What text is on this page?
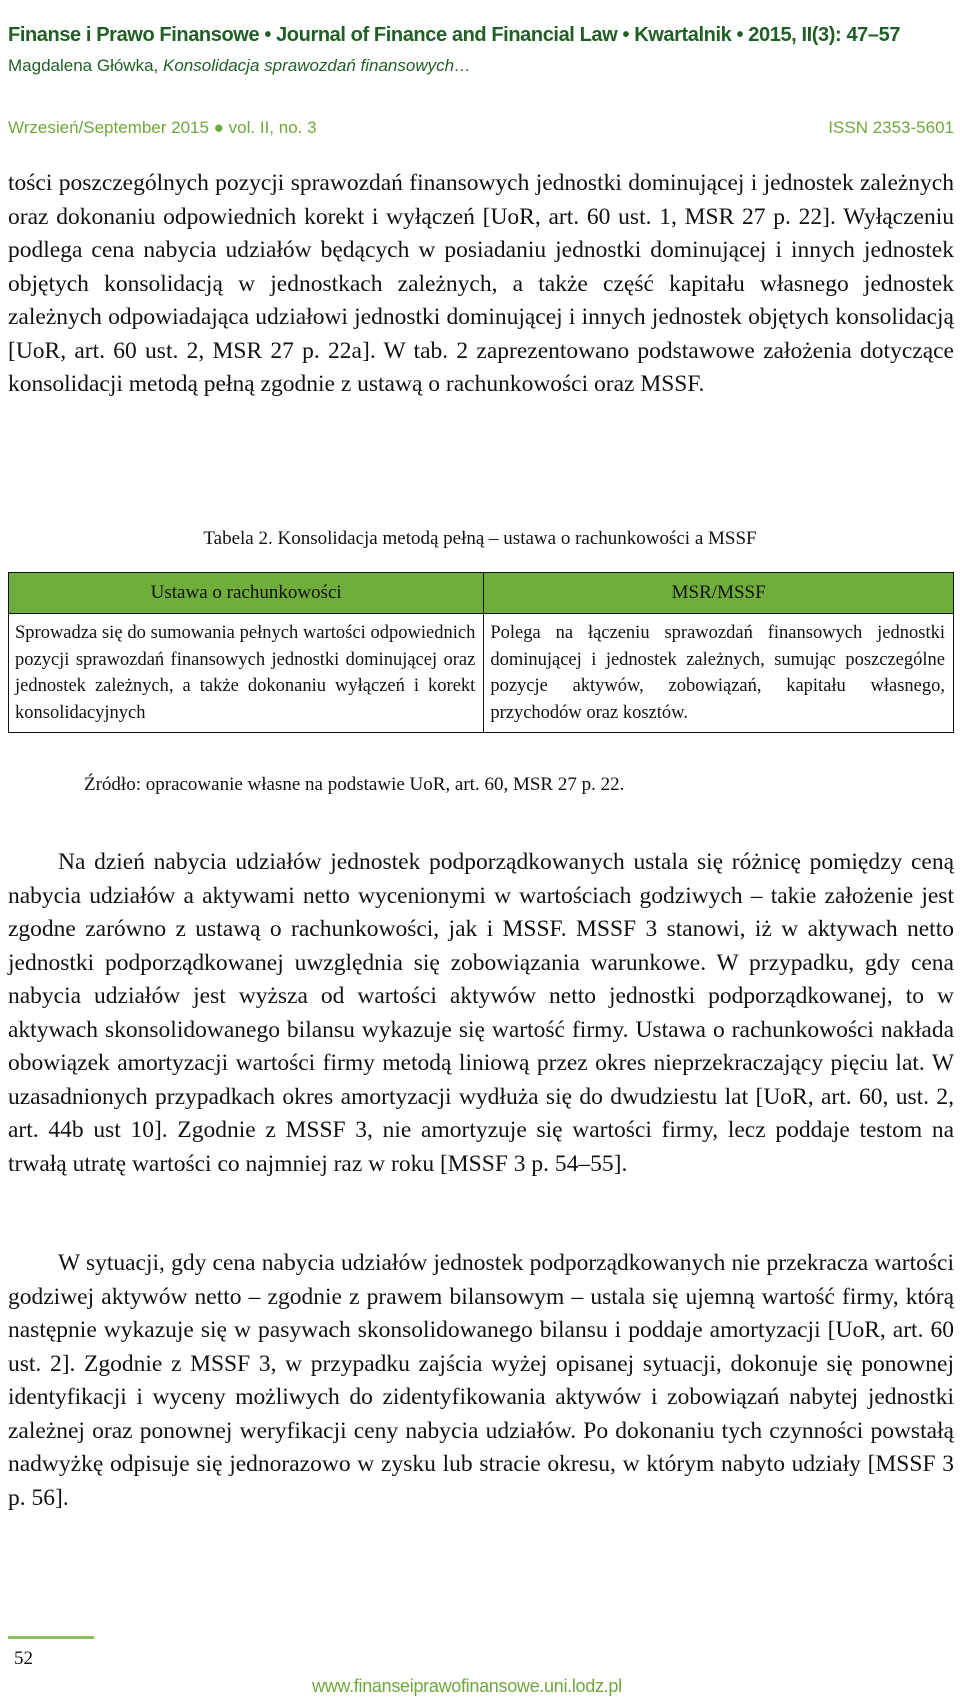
Finanse i Prawo Finansowe • Journal of Finance and Financial Law • Kwartalnik • 2015, II(3): 47–57
Magdalena Główka, Konsolidacja sprawozdań finansowych…
Wrzesień/September 2015 ● vol. II, no. 3	ISSN 2353-5601

tości poszczególnych pozycji sprawozdań finansowych jednostki dominującej i jednostek zależnych oraz dokonaniu odpowiednich korekt i wyłączeń [UoR, art. 60 ust. 1, MSR 27 p. 22]. Wyłączeniu podlega cena nabycia udziałów będących w posiadaniu jednostki dominującej i innych jednostek objętych konsolidacją w jednostkach zależnych, a także część kapitału własnego jednostek zależnych odpowiadająca udziałowi jednostki dominującej i innych jednostek objętych konsolidacją [UoR, art. 60 ust. 2, MSR 27 p. 22a]. W tab. 2 zaprezentowano podstawowe założenia dotyczące konsolidacji metodą pełną zgodnie z ustawą o rachunkowości oraz MSSF.

Tabela 2. Konsolidacja metodą pełną – ustawa o rachunkowości a MSSF
Ustawa o rachunkowości	MSR/MSSF
Sprowadza się do sumowania pełnych wartości odpowiednich pozycji sprawozdań finansowych jednostki dominującej oraz jednostek zależnych, a także dokonaniu wyłączeń i korekt konsolidacyjnych	Polega na łączeniu sprawozdań finansowych jednostki dominującej i jednostek zależnych, sumując poszczególne pozycje aktywów, zobowiązań, kapitału własnego, przychodów oraz kosztów.
Źródło: opracowanie własne na podstawie UoR, art. 60, MSR 27 p. 22.

Na dzień nabycia udziałów jednostek podporządkowanych ustala się różnicę pomiędzy ceną nabycia udziałów a aktywami netto wycenionymi w wartościach godziwych – takie założenie jest zgodne zarówno z ustawą o rachunkowości, jak i MSSF. MSSF 3 stanowi, iż w aktywach netto jednostki podporządkowanej uwzględnia się zobowiązania warunkowe. W przypadku, gdy cena nabycia udziałów jest wyższa od wartości aktywów netto jednostki podporządkowanej, to w aktywach skonsolidowanego bilansu wykazuje się wartość firmy. Ustawa o rachunkowości nakłada obowiązek amortyzacji wartości firmy metodą liniową przez okres nieprzekraczający pięciu lat. W uzasadnionych przypadkach okres amortyzacji wydłuża się do dwudziestu lat [UoR, art. 60, ust. 2, art. 44b ust 10]. Zgodnie z MSSF 3, nie amortyzuje się wartości firmy, lecz poddaje testom na trwałą utratę wartości co najmniej raz w roku [MSSF 3 p. 54–55].

W sytuacji, gdy cena nabycia udziałów jednostek podporządkowanych nie przekracza wartości godziwej aktywów netto – zgodnie z prawem bilansowym – ustala się ujemną wartość firmy, którą następnie wykazuje się w pasywach skonsolidowanego bilansu i poddaje amortyzacji [UoR, art. 60 ust. 2]. Zgodnie z MSSF 3, w przypadku zajścia wyżej opisanej sytuacji, dokonuje się ponownej identyfikacji i wyceny możliwych do zidentyfikowania aktywów i zobowiązań nabytej jednostki zależnej oraz ponownej weryfikacji ceny nabycia udziałów. Po dokonaniu tych czynności powstałą nadwyżkę odpisuje się jednorazowo w zysku lub stracie okresu, w którym nabyto udziały [MSSF 3 p. 56].

52
www.finanseiprawofinansowe.uni.lodz.pl
